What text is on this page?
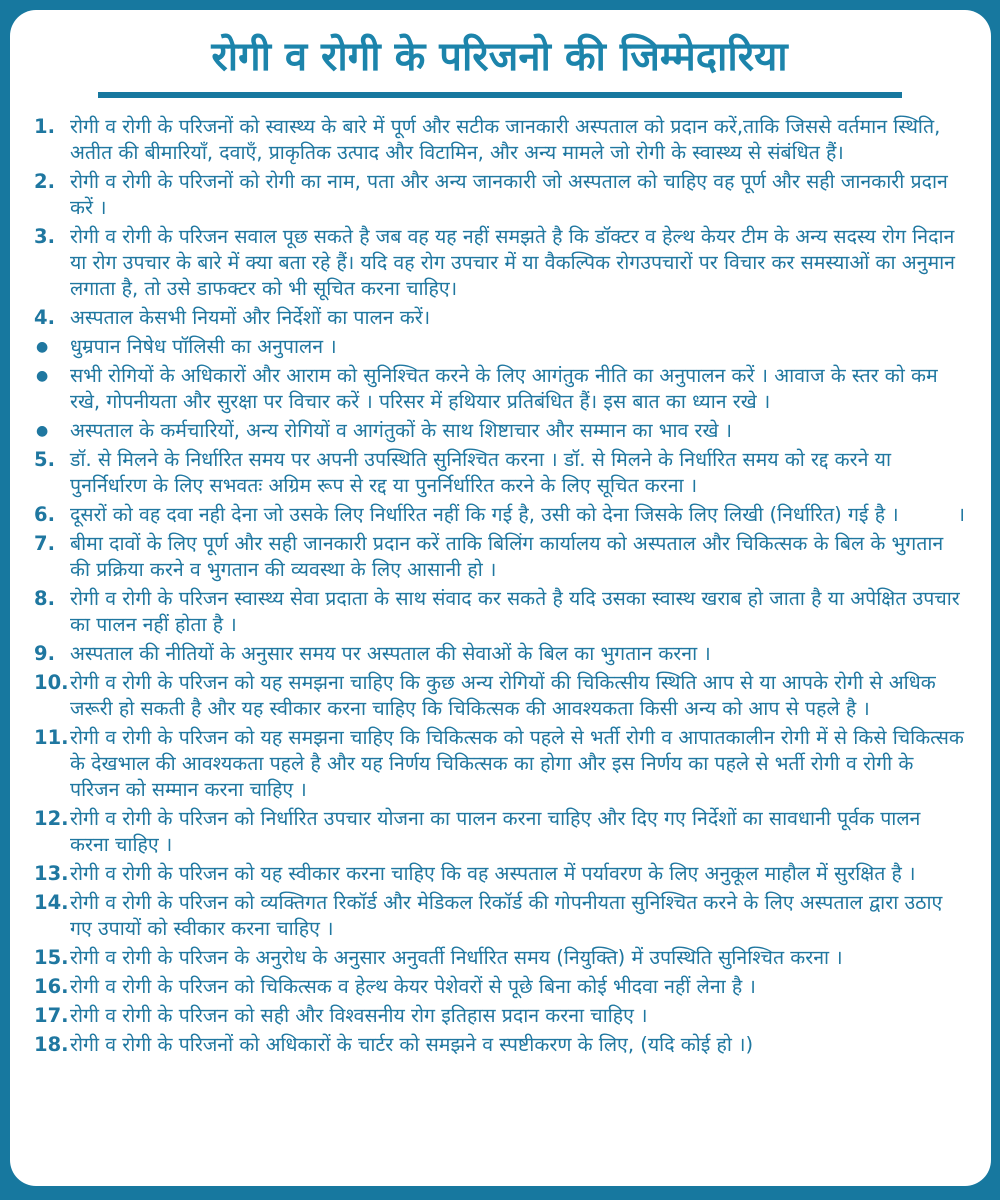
रोगी व रोगी के परिजनो की जिम्मेदारिया
1. रोगी व रोगी के परिजनों को स्वास्थ्य के बारे में पूर्ण और सटीक जानकारी अस्पताल को प्रदान करें,ताकि जिससे वर्तमान स्थिति, अतीत की बीमारियाँ, दवाएँ, प्राकृतिक उत्पाद और विटामिन, और अन्य मामले जो रोगी के स्वास्थ्य से संबंधित हैं।
2. रोगी व रोगी के परिजनों को रोगी का नाम, पता और अन्य जानकारी जो अस्पताल को चाहिए वह पूर्ण और सही जानकारी प्रदान करें ।
3. रोगी व रोगी के परिजन सवाल पूछ सकते है जब वह यह नहीं समझते है कि डॉक्टर व हेल्थ केयर टीम के अन्य सदस्य रोग निदान या रोग उपचार के बारे में क्या बता रहे हैं। यदि वह रोग उपचार में या वैकल्पिक रोगउपचारों पर विचार कर समस्याओं का अनुमान लगाता है, तो उसे डाफक्टर को भी सूचित करना चाहिए।
4. अस्पताल केसभी नियमों और निर्देशों का पालन करें।
●	धुम्रपान निषेध पॉलिसी का अनुपालन ।
●	सभी रोगियों के अधिकारों और आराम को सुनिश्चित करने के लिए आगंतुक नीति का अनुपालन करें । आवाज के स्तर को कम रखे, गोपनीयता और सुरक्षा पर विचार करें । परिसर में हथियार प्रतिबंधित हैं। इस बात का ध्यान रखे ।
●	अस्पताल के कर्मचारियों, अन्य रोगियों व आगंतुकों के साथ शिष्टाचार और सम्मान का भाव रखे ।
5. डॉ. से मिलने के निर्धारित समय पर अपनी उपस्थिति सुनिश्चित करना । डॉ. से मिलने के निर्धारित समय को रद्द करने या पुनर्निर्धारण के लिए सभवतः अग्रिम रूप से रद्द या पुनर्निर्धारित करने के लिए सूचित करना ।
6. दूसरों को वह दवा नही देना जो उसके लिए निर्धारित नहीं कि गई है, उसी को देना जिसके लिए लिखी (निर्धारित) गई है ।	।
7. बीमा दावों के लिए पूर्ण और सही जानकारी प्रदान करें ताकि बिलिंग कार्यालय को अस्पताल और चिकित्सक के बिल के भुगतान की प्रक्रिया करने व भुगतान की व्यवस्था के लिए आसानी हो ।
8. रोगी व रोगी के परिजन स्वास्थ्य सेवा प्रदाता के साथ संवाद कर सकते है यदि उसका स्वास्थ खराब हो जाता है या अपेक्षित उपचार का पालन नहीं होता है ।
9. अस्पताल की नीतियों के अनुसार समय पर अस्पताल की सेवाओं के बिल का भुगतान करना ।
10. रोगी व रोगी के परिजन को यह समझना चाहिए कि कुछ अन्य रोगियों की चिकित्सीय स्थिति आप से या आपके रोगी से अधिक जरूरी हो सकती है और यह स्वीकार करना चाहिए कि चिकित्सक की आवश्यकता किसी अन्य को आप से पहले है ।
11. रोगी व रोगी के परिजन को यह समझना चाहिए कि चिकित्सक को पहले से भर्ती रोगी व आपातकालीन रोगी में से किसे चिकित्सक के देखभाल की आवश्यकता पहले है और यह निर्णय चिकित्सक का होगा और इस निर्णय का पहले से भर्ती रोगी व रोगी के परिजन को सम्मान करना चाहिए ।
12. रोगी व रोगी के परिजन को निर्धारित उपचार योजना का पालन करना चाहिए और दिए गए निर्देशों का सावधानी पूर्वक पालन करना चाहिए ।
13. रोगी व रोगी के परिजन को यह स्वीकार करना चाहिए कि वह अस्पताल में पर्यावरण के लिए अनुकूल माहौल में सुरक्षित है ।
14. रोगी व रोगी के परिजन को व्यक्तिगत रिकॉर्ड और मेडिकल रिकॉर्ड की गोपनीयता सुनिश्चित करने के लिए अस्पताल द्वारा उठाए गए उपायों को स्वीकार करना चाहिए ।
15. रोगी व रोगी के परिजन के अनुरोध के अनुसार अनुवर्ती निर्धारित समय (नियुक्ति) में उपस्थिति सुनिश्चित करना ।
16. रोगी व रोगी के परिजन को चिकित्सक व हेल्थ केयर पेशेवरों से पूछे बिना कोई भीदवा नहीं लेना है ।
17. रोगी व रोगी के परिजन को सही और विश्वसनीय रोग इतिहास प्रदान करना चाहिए ।
18. रोगी व रोगी के परिजनों को अधिकारों के चार्टर को समझने व स्पष्टीकरण के लिए, (यदि कोई हो ।)
